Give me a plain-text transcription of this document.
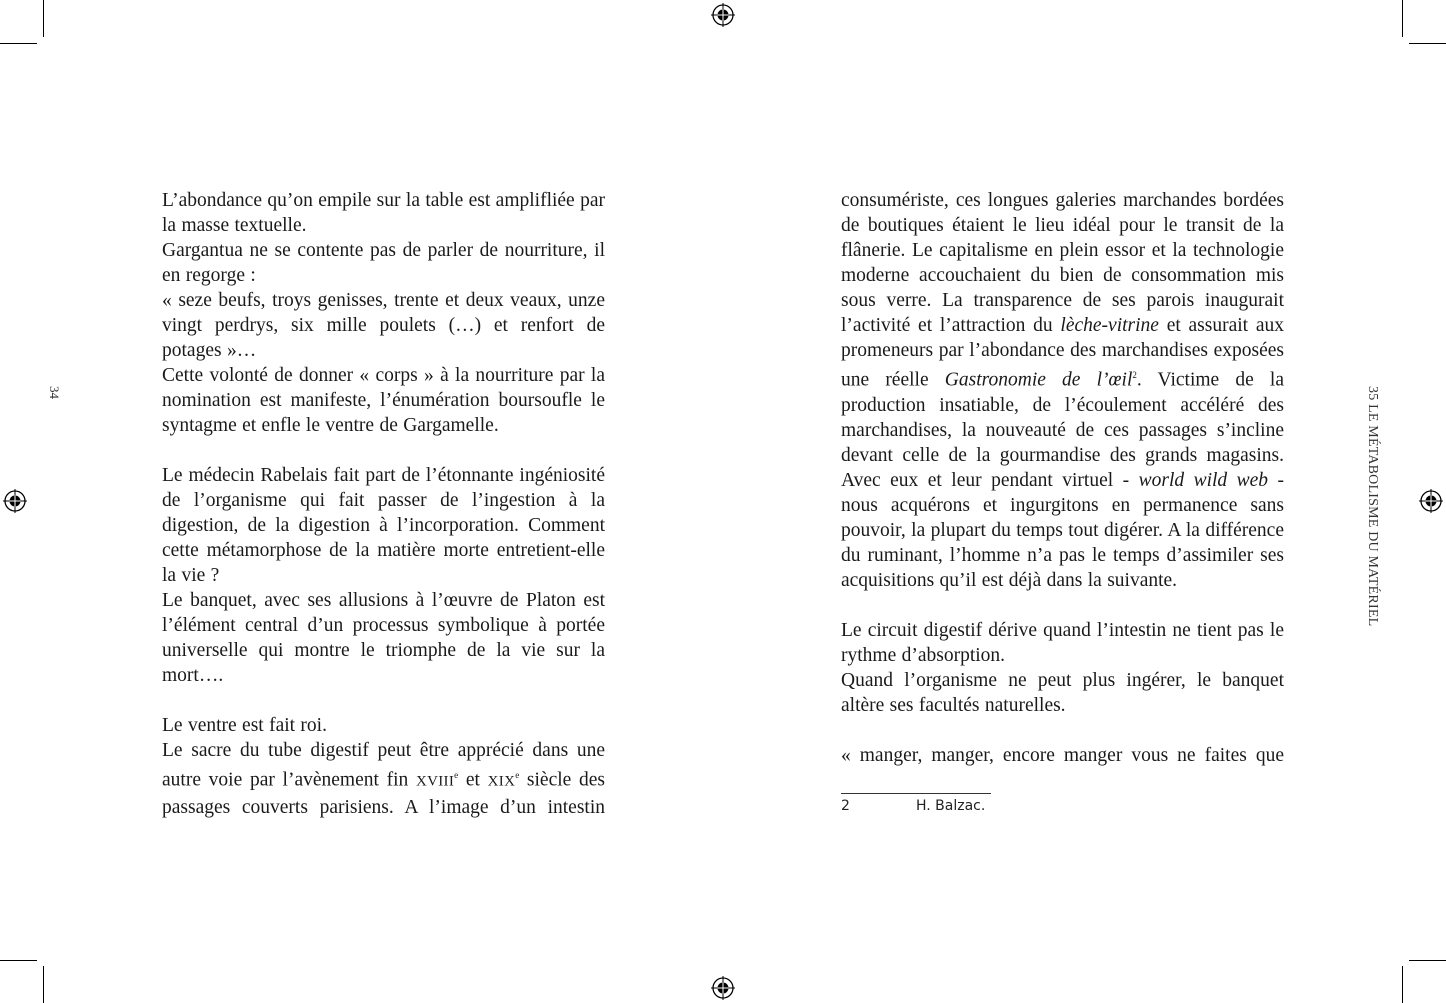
34	35 LE MÉTABOLISME DU MATÉRIEL

L’abondance qu’on empile sur la table est amplifliée par la masse textuelle.

Gargantua ne se contente pas de parler de nourriture, il en regorge :

« seze beufs, troys genisses, trente et deux veaux, unze vingt perdrys, six mille poulets (…) et renfort de potages »…

Cette volonté de donner « corps » à la nourriture par la nomination est manifeste, l’énumération boursoufle le syntagme et enfle le ventre de Gargamelle.

Le médecin Rabelais fait part de l’étonnante ingéniosité de l’organisme qui fait passer de l’ingestion à la digestion, de la digestion à l’incorporation. Comment cette métamorphose de la matière morte entretient-elle la vie ?

Le banquet, avec ses allusions à l’œuvre de Platon est l’élément central d’un processus symbolique à portée universelle qui montre le triomphe de la vie sur la mort….

Le ventre est fait roi.

Le sacre du tube digestif peut être apprécié dans une autre voie par l’avènement fin XVIIIe et XIXe siècle des passages couverts parisiens. A l’image d’un intestin

consumériste, ces longues galeries marchandes bordées de boutiques étaient le lieu idéal pour le transit de la flânerie. Le capitalisme en plein essor et la technologie moderne accouchaient du bien de consommation mis sous verre. La transparence de ses parois inaugurait l’activité et l’attraction du lèche-vitrine et assurait aux promeneurs par l’abondance des marchandises exposées une réelle Gastronomie de l’œil$^2$. Victime de la production insatiable, de l’écoulement accéléré des marchandises, la nouveauté de ces passages s’incline devant celle de la gourmandise des grands magasins. Avec eux et leur pendant virtuel - world wild web - nous acquérons et ingurgitons en permanence sans pouvoir, la plupart du temps tout digérer. A la différence du ruminant, l’homme n’a pas le temps d’assimiler ses acquisitions qu’il est déjà dans la suivante.

Le circuit digestif dérive quand l’intestin ne tient pas le rythme d’absorption.

Quand l’organisme ne peut plus ingérer, le banquet altère ses facultés naturelles.

« manger, manger, encore manger vous ne faites que

2	H. Balzac.
